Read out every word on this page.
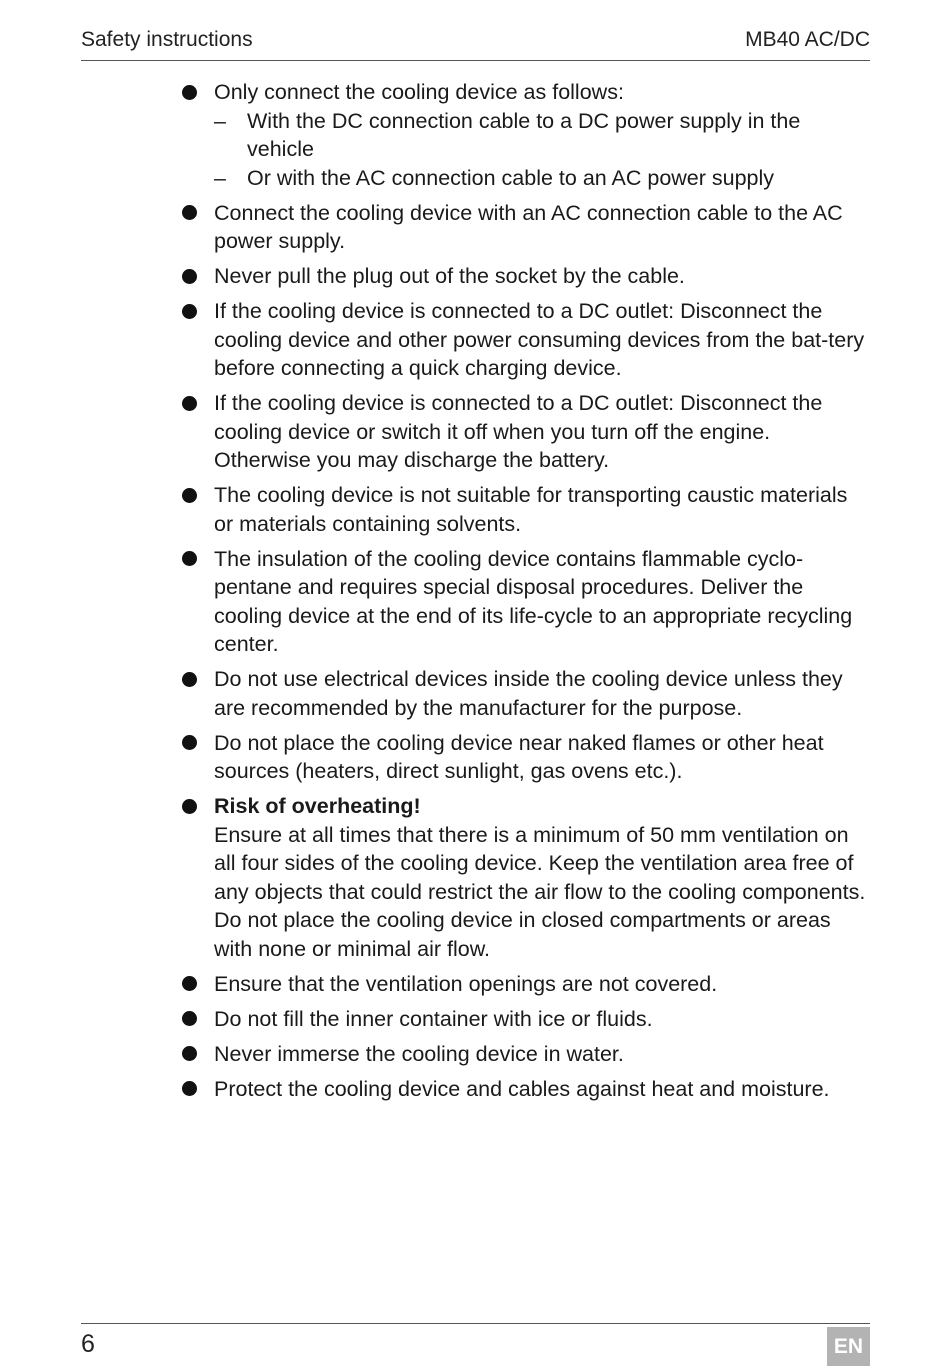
Safety instructions	MB40 AC/DC
Only connect the cooling device as follows:
– With the DC connection cable to a DC power supply in the vehicle
– Or with the AC connection cable to an AC power supply
Connect the cooling device with an AC connection cable to the AC power supply.
Never pull the plug out of the socket by the cable.
If the cooling device is connected to a DC outlet: Disconnect the cooling device and other power consuming devices from the bat-tery before connecting a quick charging device.
If the cooling device is connected to a DC outlet: Disconnect the cooling device or switch it off when you turn off the engine. Otherwise you may discharge the battery.
The cooling device is not suitable for transporting caustic materials or materials containing solvents.
The insulation of the cooling device contains flammable cyclo-pentane and requires special disposal procedures. Deliver the cooling device at the end of its life-cycle to an appropriate recycling center.
Do not use electrical devices inside the cooling device unless they are recommended by the manufacturer for the purpose.
Do not place the cooling device near naked flames or other heat sources (heaters, direct sunlight, gas ovens etc.).
Risk of overheating!
Ensure at all times that there is a minimum of 50 mm ventilation on all four sides of the cooling device. Keep the ventilation area free of any objects that could restrict the air flow to the cooling components.
Do not place the cooling device in closed compartments or areas with none or minimal air flow.
Ensure that the ventilation openings are not covered.
Do not fill the inner container with ice or fluids.
Never immerse the cooling device in water.
Protect the cooling device and cables against heat and moisture.
6	EN
